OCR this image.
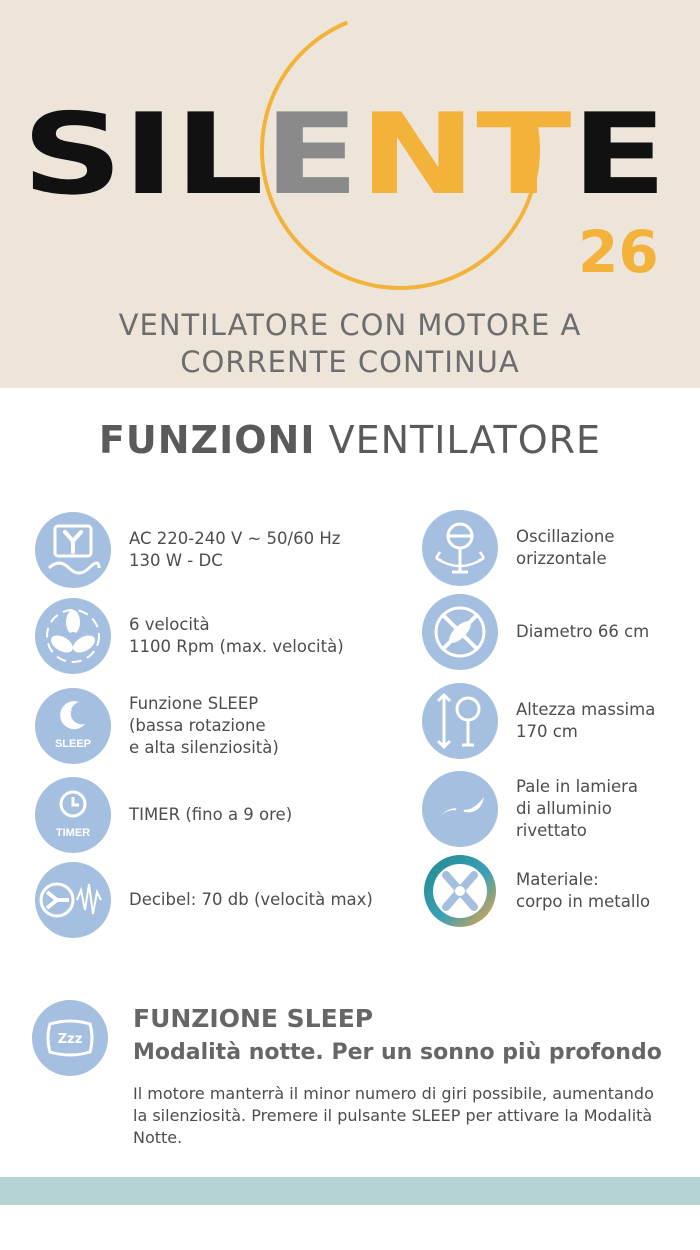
SIL E NT E
26
VENTILATORE CON MOTORE A
CORRENTE CONTINUA
FUNZIONI VENTILATORE
AC 220-240 V ~ 50/60 Hz
130 W - DC
6 velocità
1100 Rpm (max. velocità)
★
SLEEP
Funzione SLEEP
(bassa rotazione
e alta silenziosità)
TIMER
TIMER (fino a 9 ore)
Decibel: 70 db (velocità max)
Oscillazione
orizzontale
Diametro 66 cm
Altezza massima
170 cm
Pale in lamiera
di alluminio
rivettato
Materiale:
corpo in metallo
Zzz
FUNZIONE SLEEP
Modalità notte. Per un sonno più profondo
Il motore manterrà il minor numero di giri possibile, aumentando la silenziosità. Premere il pulsante SLEEP per attivare la Modalità Notte.
